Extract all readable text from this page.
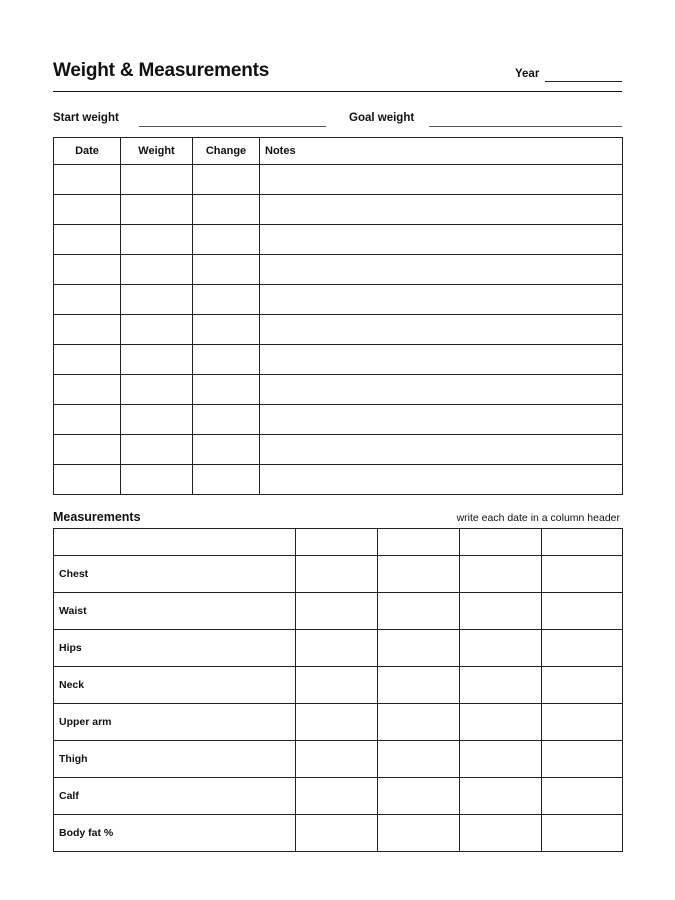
Weight & Measurements	Year
Start weight	Goal weight
Date	Weight	Change	Notes

Measurements	write each date in a column header

Chest				
Waist				
Hips				
Neck				
Upper arm				
Thigh				
Calf				
Body fat %				
